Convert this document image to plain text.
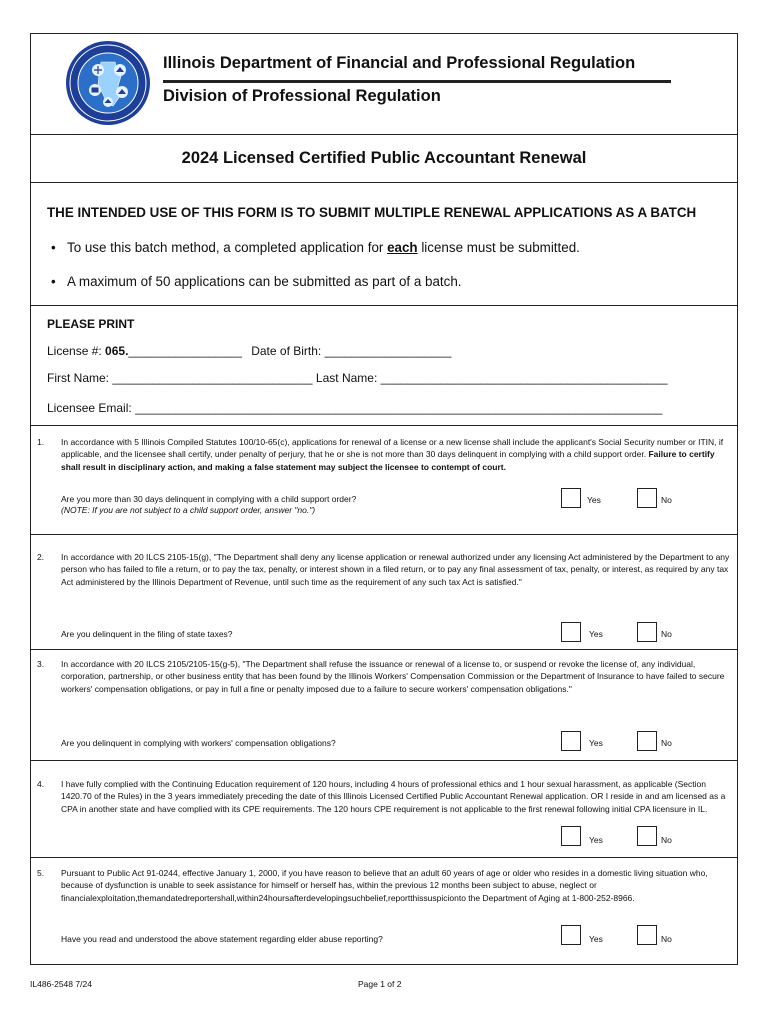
Illinois Department of Financial and Professional Regulation
Division of Professional Regulation
2024 Licensed Certified Public Accountant Renewal
THE INTENDED USE OF THIS FORM IS TO SUBMIT MULTIPLE RENEWAL APPLICATIONS AS A BATCH
• To use this batch method, a completed application for each license must be submitted.
• A maximum of 50 applications can be submitted as part of a batch.
PLEASE PRINT
License #: 065._________________ Date of Birth: ___________________
First Name: ______________________________ Last Name: ___________________________________________
Licensee Email: _______________________________________________________________________________
1. In accordance with 5 Illinois Compiled Statutes 100/10-65(c), applications for renewal of a license or a new license shall include the applicant's Social Security number or ITIN, if applicable, and the licensee shall certify, under penalty of perjury, that he or she is not more than 30 days delinquent in complying with a child support order. Failure to certify shall result in disciplinary action, and making a false statement may subject the licensee to contempt of court.
Are you more than 30 days delinquent in complying with a child support order?
(NOTE: If you are not subject to a child support order, answer "no.")
Yes	No
2. In accordance with 20 ILCS 2105-15(g), "The Department shall deny any license application or renewal authorized under any licensing Act administered by the Department to any person who has failed to file a return, or to pay the tax, penalty, or interest shown in a filed return, or to pay any final assessment of tax, penalty, or interest, as required by any tax Act administered by the Illinois Department of Revenue, until such time as the requirement of any such tax Act is satisfied."
Are you delinquent in the filing of state taxes?	Yes	No
3. In accordance with 20 ILCS 2105/2105-15(g-5), "The Department shall refuse the issuance or renewal of a license to, or suspend or revoke the license of, any individual, corporation, partnership, or other business entity that has been found by the Illinois Workers' Compensation Commission or the Department of Insurance to have failed to secure workers' compensation obligations, or pay in full a fine or penalty imposed due to a failure to secure workers' compensation obligations."
Are you delinquent in complying with workers' compensation obligations?	Yes	No
4. I have fully complied with the Continuing Education requirement of 120 hours, including 4 hours of professional ethics and 1 hour sexual harassment, as applicable (Section 1420.70 of the Rules) in the 3 years immediately preceding the date of this Illinois Licensed Certified Public Accountant Renewal application. OR I reside in and am licensed as a CPA in another state and have complied with its CPE requirements. The 120 hours CPE requirement is not applicable to the first renewal following initial CPA licensure in IL.
Yes	No
5. Pursuant to Public Act 91-0244, effective January 1, 2000, if you have reason to believe that an adult 60 years of age or older who resides in a domestic living situation who, because of dysfunction is unable to seek assistance for himself or herself has, within the previous 12 months been subject to abuse, neglect or financialexploitation,themandatedreportershall,within24hoursafterdevelopingsuchbelief,reportthissuspicionto the Department of Aging at 1-800-252-8966.
Have you read and understood the above statement regarding elder abuse reporting?	Yes	No
IL486-2548 7/24	Page 1 of 2
